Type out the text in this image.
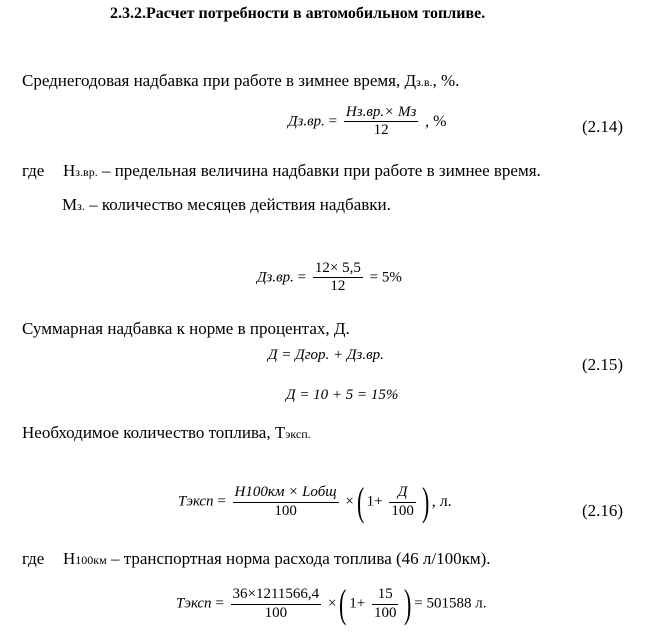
2.3.2.Расчет потребности в автомобильном топливе.
Среднегодовая надбавка при работе в зимнее время, Дз.в., %.
Дз.вр. = $\frac{Нз.вр.\times Мз}{12}$ , %	(2.14)
где Нз.вр. – предельная величина надбавки при работе в зимнее время.
Мз. – количество месяцев действия надбавки.
Дз.вр. = $\frac{12\times 5,5}{12} = 5\%$
Суммарная надбавка к норме в процентах, Д.
Д = Дгор. + Дз.вр.	(2.15)
Д = 10 + 5 = 15%
Необходимое количество топлива, Тэксп.
Тэксп = $\frac{\text{Н100км × Lобщ}}{100}$ × ( $1+ \frac{Д}{100}$ ) , л.	(2.16)
где Н100км – транспортная норма расхода топлива (46 л/100км).
Тэксп = $\frac{36\times 1211566,4}{100}$ × ( $1+ \frac{15}{100}$ ) = 501588 л.
